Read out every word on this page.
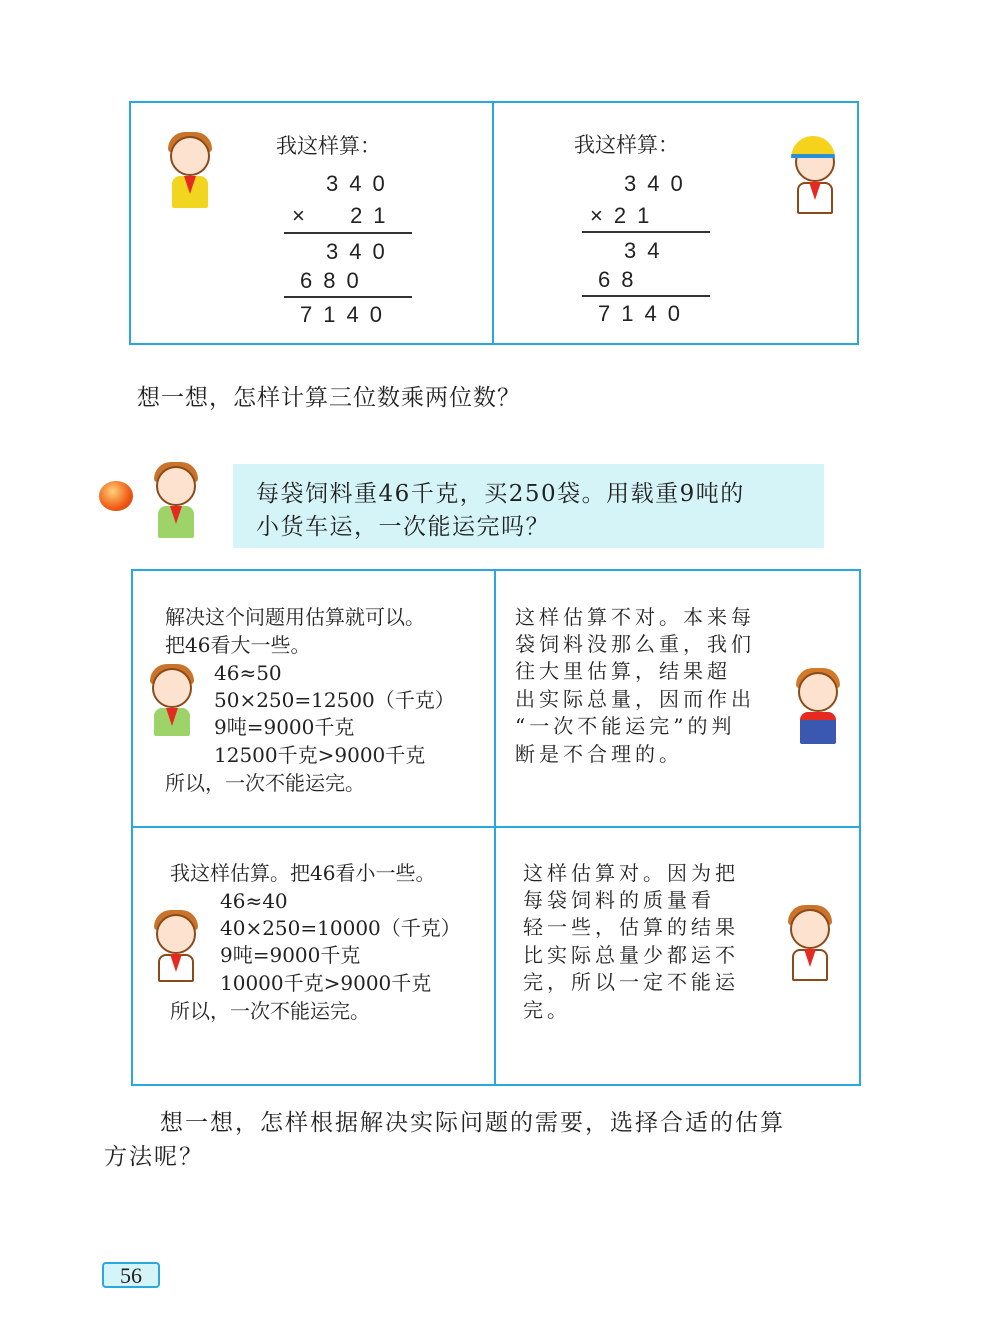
我这样算：
340
×  21
340
680
7140
我这样算：
340
×21
34
68
7140
想一想，怎样计算三位数乘两位数？
每袋饲料重46千克，买250袋。用载重9吨的
小货车运，一次能运完吗？
解决这个问题用估算就可以。
把46看大一些。
46≈50
50×250=12500（千克）
9吨=9000千克
12500千克>9000千克
所以，一次不能运完。
这样估算不对。本来每
袋饲料没那么重，我们
往大里估算，结果超
出实际总量，因而作出
“一次不能运完”的判
断是不合理的。
我这样估算。把46看小一些。
46≈40
40×250=10000（千克）
9吨=9000千克
10000千克>9000千克
所以，一次不能运完。
这样估算对。因为把
每袋饲料的质量看
轻一些，估算的结果
比实际总量少都运不
完，所以一定不能运
完。
想一想，怎样根据解决实际问题的需要，选择合适的估算
方法呢？
56
